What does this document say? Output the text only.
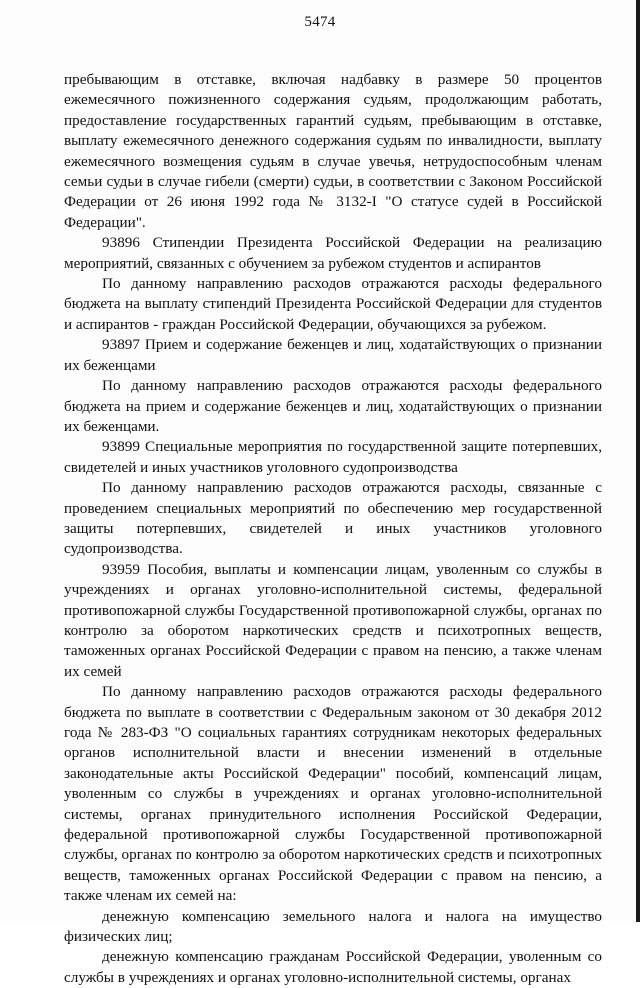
5474

пребывающим в отставке, включая надбавку в размере 50 процентов ежемесячного пожизненного содержания судьям, продолжающим работать, предоставление государственных гарантий судьям, пребывающим в отставке, выплату ежемесячного денежного содержания судьям по инвалидности, выплату ежемесячного возмещения судьям в случае увечья, нетрудоспособным членам семьи судьи в случае гибели (смерти) судьи, в соответствии с Законом Российской Федерации от 26 июня 1992 года № 3132-I "О статусе судей в Российской Федерации".

93896 Стипендии Президента Российской Федерации на реализацию мероприятий, связанных с обучением за рубежом студентов и аспирантов

По данному направлению расходов отражаются расходы федерального бюджета на выплату стипендий Президента Российской Федерации для студентов и аспирантов - граждан Российской Федерации, обучающихся за рубежом.

93897 Прием и содержание беженцев и лиц, ходатайствующих о признании их беженцами

По данному направлению расходов отражаются расходы федерального бюджета на прием и содержание беженцев и лиц, ходатайствующих о признании их беженцами.

93899 Специальные мероприятия по государственной защите потерпевших, свидетелей и иных участников уголовного судопроизводства

По данному направлению расходов отражаются расходы, связанные с проведением специальных мероприятий по обеспечению мер государственной защиты потерпевших, свидетелей и иных участников уголовного судопроизводства.

93959 Пособия, выплаты и компенсации лицам, уволенным со службы в учреждениях и органах уголовно-исполнительной системы, федеральной противопожарной службы Государственной противопожарной службы, органах по контролю за оборотом наркотических средств и психотропных веществ, таможенных органах Российской Федерации с правом на пенсию, а также членам их семей

По данному направлению расходов отражаются расходы федерального бюджета по выплате в соответствии с Федеральным законом от 30 декабря 2012 года № 283-ФЗ "О социальных гарантиях сотрудникам некоторых федеральных органов исполнительной власти и внесении изменений в отдельные законодательные акты Российской Федерации" пособий, компенсаций лицам, уволенным со службы в учреждениях и органах уголовно-исполнительной системы, органах принудительного исполнения Российской Федерации, федеральной противопожарной службы Государственной противопожарной службы, органах по контролю за оборотом наркотических средств и психотропных веществ, таможенных органах Российской Федерации с правом на пенсию, а также членам их семей на:

денежную компенсацию земельного налога и налога на имущество физических лиц;

денежную компенсацию гражданам Российской Федерации, уволенным со службы в учреждениях и органах уголовно-исполнительной системы, органах
